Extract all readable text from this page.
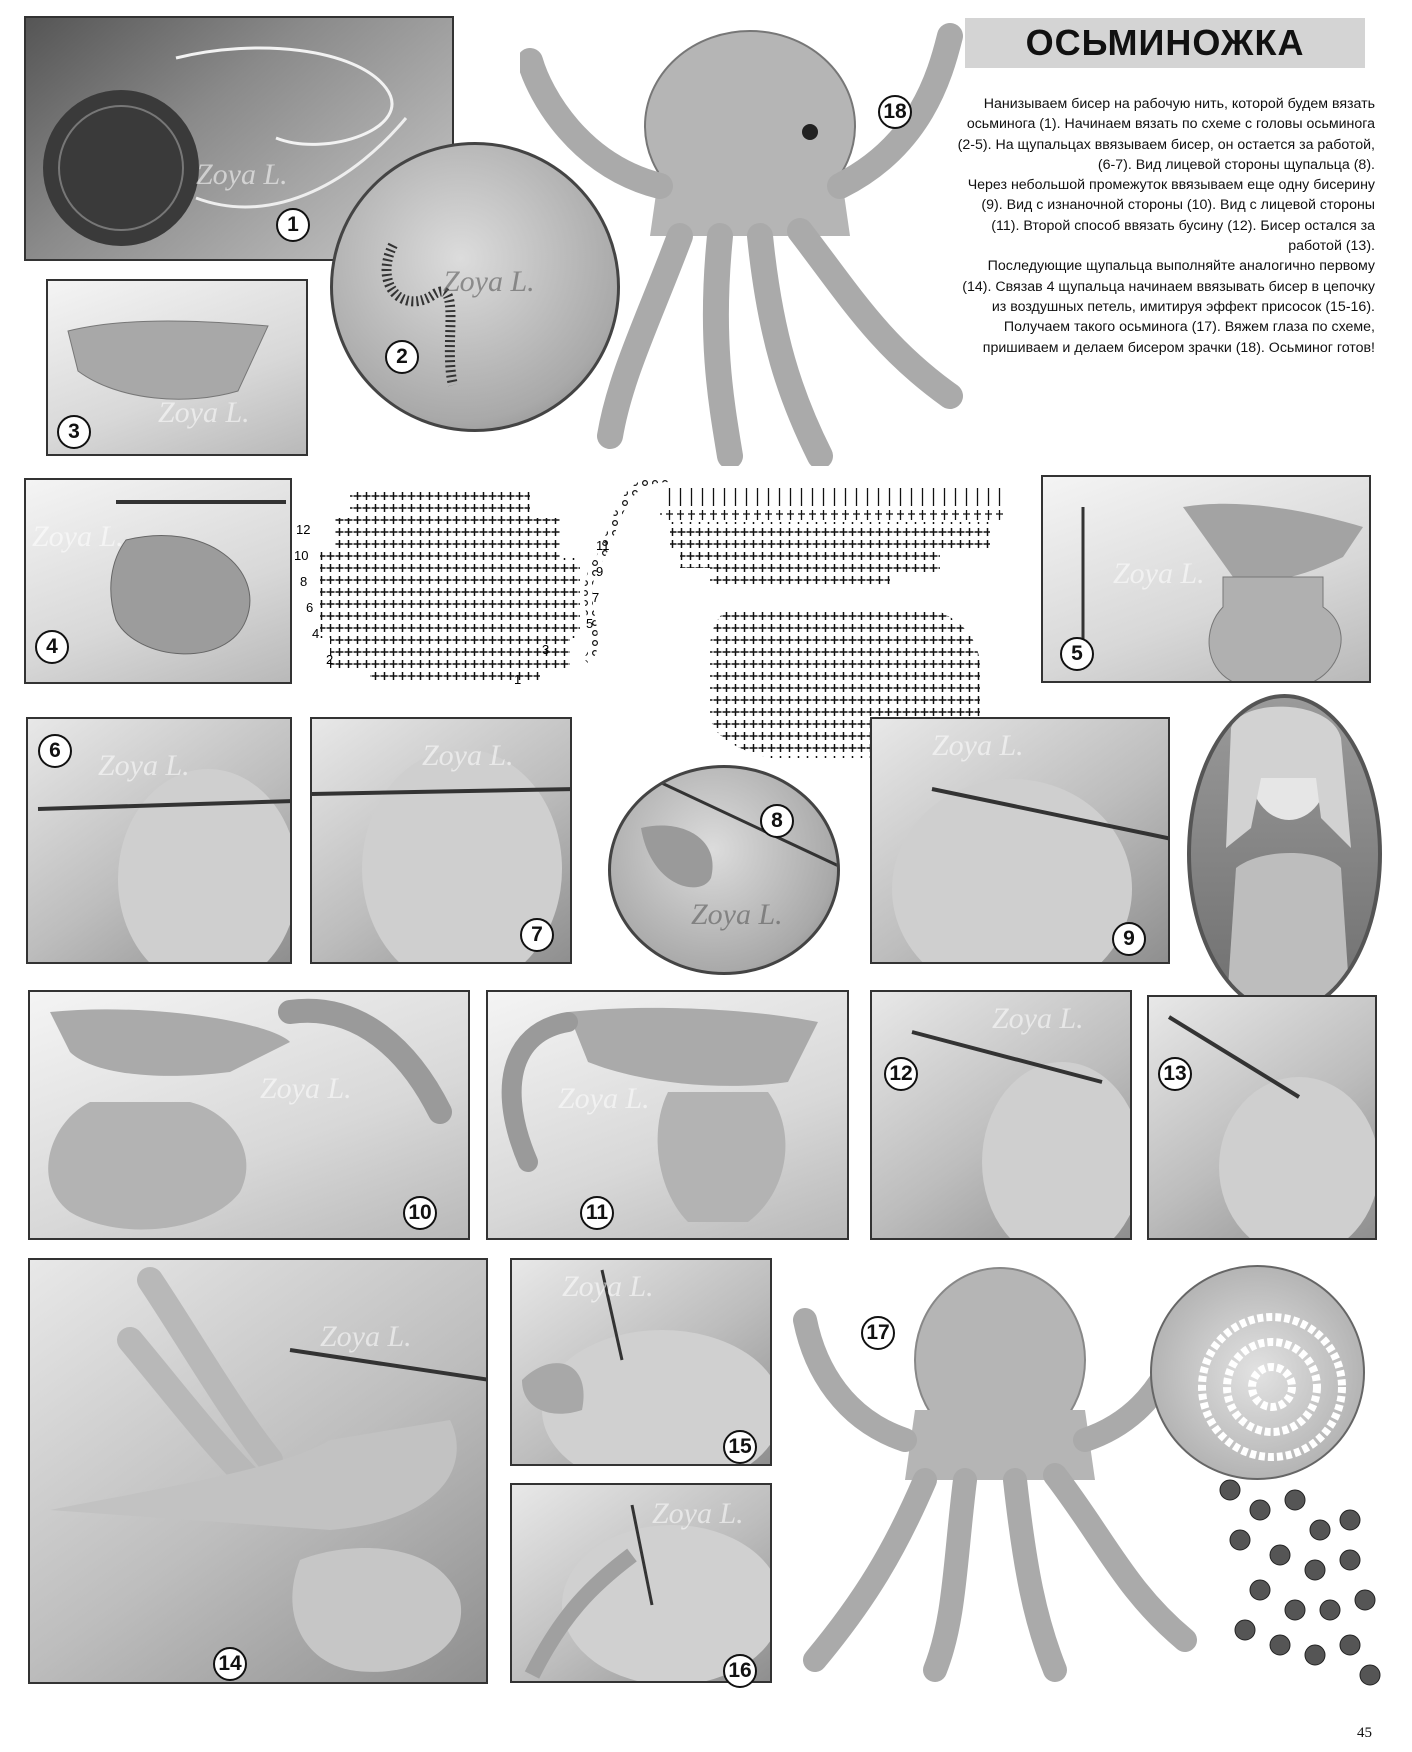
ОСЬМИНОЖКА

Нанизываем бисер на рабочую нить, которой будем вязать осьминога (1). Начинаем вязать по схеме с головы осьминога (2-5). На щупальцах ввязываем бисер, он остается за работой, (6-7). Вид лицевой стороны щупальца (8).

Через небольшой промежуток ввязываем еще одну бисерину (9). Вид с изнаночной стороны (10). Вид с лицевой стороны (11). Второй способ ввязать бусину (12). Бисер остался за работой (13).

Последующие щупальца выполняйте аналогично первому (14). Связав 4 щупальца начинаем ввязывать бисер в цепочку из воздушных петель, имитируя эффект присосок (15-16). Получаем такого осьминога (17). Вяжем глаза по схеме, пришиваем и делаем бисером зрачки (18). Осьминог готов!

Zoya L.
1
Zoya L.
3
Zoya L.
2
18
Zoya L.
4
12
10
8
6
4
2
11
9
7
5
3
1
Zoya L.
5
Zoya L.
6	Zoya L.
7
Zoya L.
8
Zoya L.
9
Zoya L.
10
Zoya L.
11
Zoya L.
12	13
Zoya L.
14
Zoya L.
15
Zoya L.
16
17
45
